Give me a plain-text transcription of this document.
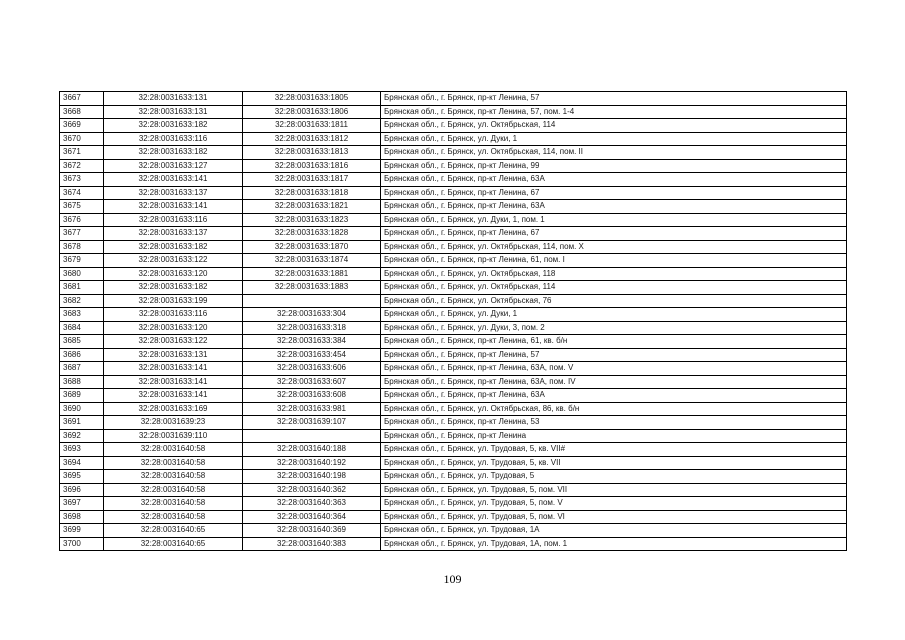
3667	32:28:0031633:131	32:28:0031633:1805	Брянская обл., г. Брянск, пр-кт Ленина, 57
3668	32:28:0031633:131	32:28:0031633:1806	Брянская обл., г. Брянск, пр-кт Ленина, 57, пом. 1-4
3669	32:28:0031633:182	32:28:0031633:1811	Брянская обл., г. Брянск, ул. Октябрьская, 114
3670	32:28:0031633:116	32:28:0031633:1812	Брянская обл., г. Брянск, ул. Дуки, 1
3671	32:28:0031633:182	32:28:0031633:1813	Брянская обл., г. Брянск, ул. Октябрьская, 114, пом. II
3672	32:28:0031633:127	32:28:0031633:1816	Брянская обл., г. Брянск, пр-кт Ленина, 99
3673	32:28:0031633:141	32:28:0031633:1817	Брянская обл., г. Брянск, пр-кт Ленина, 63А
3674	32:28:0031633:137	32:28:0031633:1818	Брянская обл., г. Брянск, пр-кт Ленина, 67
3675	32:28:0031633:141	32:28:0031633:1821	Брянская обл., г. Брянск, пр-кт Ленина, 63А
3676	32:28:0031633:116	32:28:0031633:1823	Брянская обл., г. Брянск, ул. Дуки, 1, пом. 1
3677	32:28:0031633:137	32:28:0031633:1828	Брянская обл., г. Брянск, пр-кт Ленина, 67
3678	32:28:0031633:182	32:28:0031633:1870	Брянская обл., г. Брянск, ул. Октябрьская, 114, пом. X
3679	32:28:0031633:122	32:28:0031633:1874	Брянская обл., г. Брянск, пр-кт Ленина, 61, пом. I
3680	32:28:0031633:120	32:28:0031633:1881	Брянская обл., г. Брянск, ул. Октябрьская, 118
3681	32:28:0031633:182	32:28:0031633:1883	Брянская обл., г. Брянск, ул. Октябрьская, 114
3682	32:28:0031633:199		Брянская обл., г. Брянск, ул. Октябрьская, 76
3683	32:28:0031633:116	32:28:0031633:304	Брянская обл., г. Брянск, ул. Дуки, 1
3684	32:28:0031633:120	32:28:0031633:318	Брянская обл., г. Брянск, ул. Дуки, 3, пом. 2
3685	32:28:0031633:122	32:28:0031633:384	Брянская обл., г. Брянск, пр-кт Ленина, 61, кв. б/н
3686	32:28:0031633:131	32:28:0031633:454	Брянская обл., г. Брянск, пр-кт Ленина, 57
3687	32:28:0031633:141	32:28:0031633:606	Брянская обл., г. Брянск, пр-кт Ленина, 63А, пом. V
3688	32:28:0031633:141	32:28:0031633:607	Брянская обл., г. Брянск, пр-кт Ленина, 63А, пом. IV
3689	32:28:0031633:141	32:28:0031633:608	Брянская обл., г. Брянск, пр-кт Ленина, 63А
3690	32:28:0031633:169	32:28:0031633:981	Брянская обл., г. Брянск, ул. Октябрьская, 86, кв. б/н
3691	32:28:0031639:23	32:28:0031639:107	Брянская обл., г. Брянск, пр-кт Ленина, 53
3692	32:28:0031639:110		Брянская обл., г. Брянск, пр-кт Ленина
3693	32:28:0031640:58	32:28:0031640:188	Брянская обл., г. Брянск, ул. Трудовая, 5, кв. VII#
3694	32:28:0031640:58	32:28:0031640:192	Брянская обл., г. Брянск, ул. Трудовая, 5, кв. VII
3695	32:28:0031640:58	32:28:0031640:198	Брянская обл., г. Брянск, ул. Трудовая, 5
3696	32:28:0031640:58	32:28:0031640:362	Брянская обл., г. Брянск, ул. Трудовая, 5, пом. VII
3697	32:28:0031640:58	32:28:0031640:363	Брянская обл., г. Брянск, ул. Трудовая, 5, пом. V
3698	32:28:0031640:58	32:28:0031640:364	Брянская обл., г. Брянск, ул. Трудовая, 5, пом. VI
3699	32:28:0031640:65	32:28:0031640:369	Брянская обл., г. Брянск, ул. Трудовая, 1А
3700	32:28:0031640:65	32:28:0031640:383	Брянская обл., г. Брянск, ул. Трудовая, 1А, пом. 1
109
